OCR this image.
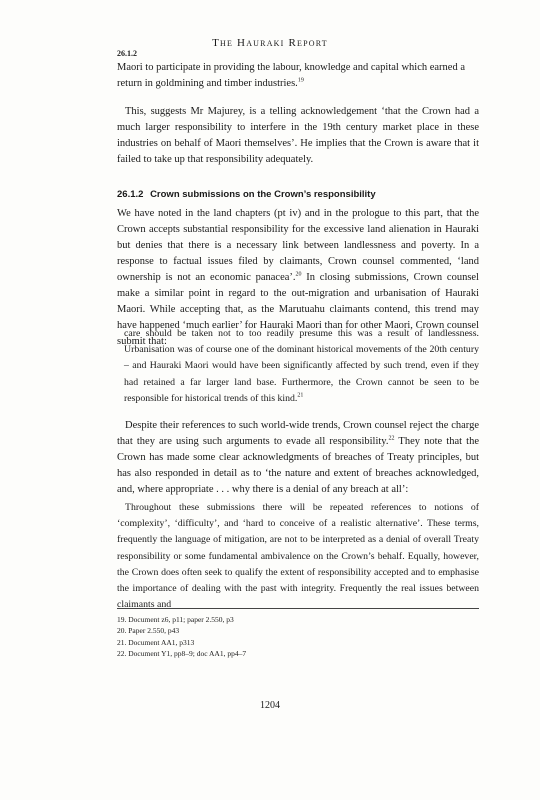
The Hauraki Report
26.1.2

Maori to participate in providing the labour, knowledge and capital which earned a return in goldmining and timber industries.$^{19}$

This, suggests Mr Majurey, is a telling acknowledgement ‘that the Crown had a much larger responsibility to interfere in the 19th century market place in these industries on behalf of Maori themselves’. He implies that the Crown is aware that it failed to take up that responsibility adequately.

26.1.2 Crown submissions on the Crown’s responsibility

We have noted in the land chapters (pt iv) and in the prologue to this part, that the Crown accepts substantial responsibility for the excessive land alienation in Hauraki but denies that there is a necessary link between landlessness and poverty. In a response to factual issues filed by claimants, Crown counsel commented, ‘land ownership is not an economic panacea’.$^{20}$ In closing submissions, Crown counsel make a similar point in regard to the out-migration and urbanisation of Hauraki Maori. While accepting that, as the Marutuahu claimants contend, this trend may have happened ‘much earlier’ for Hauraki Maori than for other Maori, Crown counsel submit that:

care should be taken not to too readily presume this was a result of landlessness. Urbanisation was of course one of the dominant historical movements of the 20th century – and Hauraki Maori would have been significantly affected by such trend, even if they had retained a far larger land base. Furthermore, the Crown cannot be seen to be responsible for historical trends of this kind.$^{21}$

Despite their references to such world-wide trends, Crown counsel reject the charge that they are using such arguments to evade all responsibility.$^{22}$ They note that the Crown has made some clear acknowledgments of breaches of Treaty principles, but has also responded in detail as to ‘the nature and extent of breaches acknowledged, and, where appropriate . . . why there is a denial of any breach at all’:

Throughout these submissions there will be repeated references to notions of ‘complexity’, ‘difficulty’, and ‘hard to conceive of a realistic alternative’. These terms, frequently the language of mitigation, are not to be interpreted as a denial of overall Treaty responsibility or some fundamental ambivalence on the Crown’s behalf. Equally, however, the Crown does often seek to qualify the extent of responsibility accepted and to emphasise the importance of dealing with the past with integrity. Frequently the real issues between claimants and

19. Document z6, p11; paper 2.550, p3
20. Paper 2.550, p43
21. Document AA1, p313
22. Document Y1, pp8–9; doc AA1, pp4–7
1204
